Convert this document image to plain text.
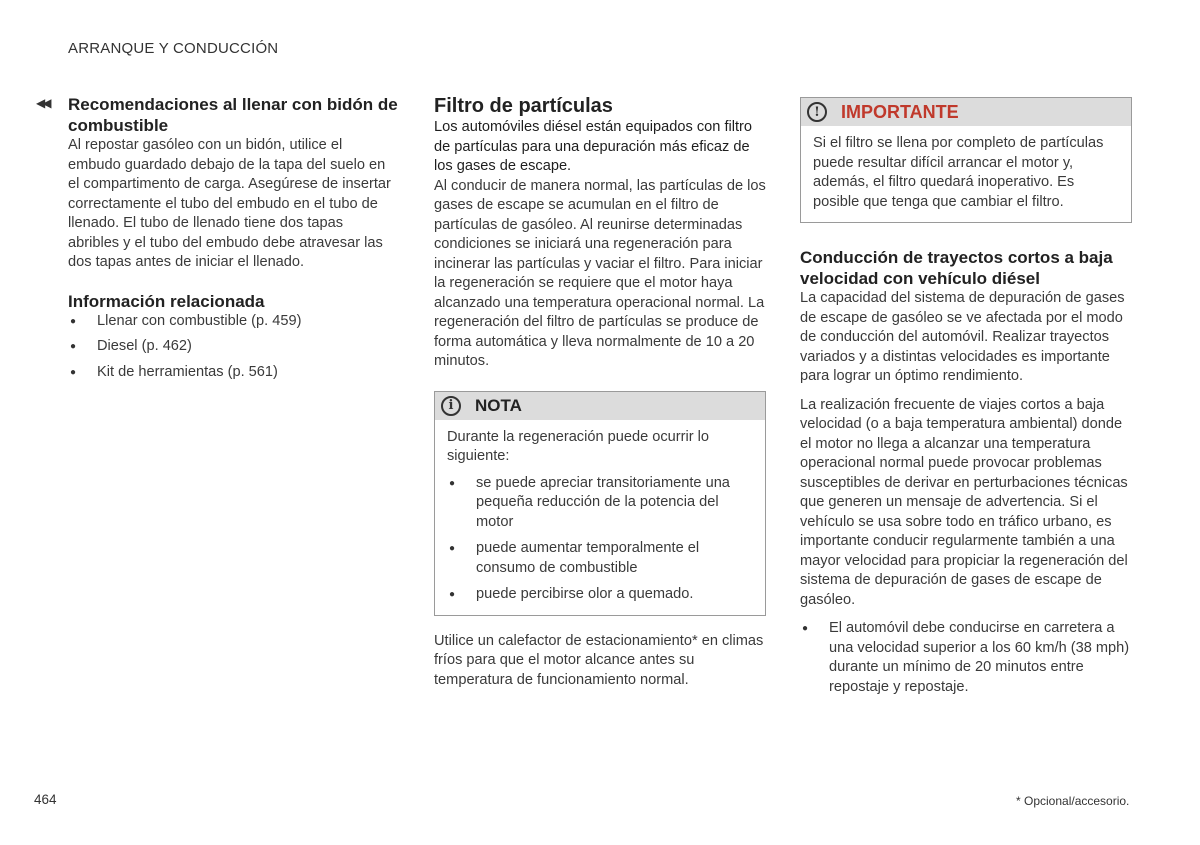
ARRANQUE Y CONDUCCIÓN
◀◀ Recomendaciones al llenar con bidón de combustible

Al repostar gasóleo con un bidón, utilice el embudo guardado debajo de la tapa del suelo en el compartimento de carga. Asegúrese de insertar correctamente el tubo del embudo en el tubo de llenado. El tubo de llenado tiene dos tapas abribles y el tubo del embudo debe atravesar las dos tapas antes de iniciar el llenado.

Información relacionada
● Llenar con combustible (p. 459)
● Diesel (p. 462)
● Kit de herramientas (p. 561)
Filtro de partículas

Los automóviles diésel están equipados con filtro de partículas para una depuración más eficaz de los gases de escape.

Al conducir de manera normal, las partículas de los gases de escape se acumulan en el filtro de partículas de gasóleo. Al reunirse determinadas condiciones se iniciará una regeneración para incinerar las partículas y vaciar el filtro. Para iniciar la regeneración se requiere que el motor haya alcanzado una temperatura operacional normal. La regeneración del filtro de partículas se produce de forma automática y lleva normalmente de 10 a 20 minutos.

i	NOTA

Durante la regeneración puede ocurrir lo siguiente:

● se puede apreciar transitoriamente una pequeña reducción de la potencia del motor
● puede aumentar temporalmente el consumo de combustible
● puede percibirse olor a quemado.

Utilice un calefactor de estacionamiento* en climas fríos para que el motor alcance antes su temperatura de funcionamiento normal.

!	IMPORTANTE

Si el filtro se llena por completo de partículas puede resultar difícil arrancar el motor y, además, el filtro quedará inoperativo. Es posible que tenga que cambiar el filtro.

Conducción de trayectos cortos a baja velocidad con vehículo diésel

La capacidad del sistema de depuración de gases de escape de gasóleo se ve afectada por el modo de conducción del automóvil. Realizar trayectos variados y a distintas velocidades es importante para lograr un óptimo rendimiento.

La realización frecuente de viajes cortos a baja velocidad (o a baja temperatura ambiental) donde el motor no llega a alcanzar una temperatura operacional normal puede provocar problemas susceptibles de derivar en perturbaciones técnicas que generen un mensaje de advertencia. Si el vehículo se usa sobre todo en tráfico urbano, es importante conducir regularmente también a una mayor velocidad para propiciar la regeneración del sistema de depuración de gases de escape de gasóleo.

● El automóvil debe conducirse en carretera a una velocidad superior a los 60 km/h (38 mph) durante un mínimo de 20 minutos entre repostaje y repostaje.
464	* Opcional/accesorio.
